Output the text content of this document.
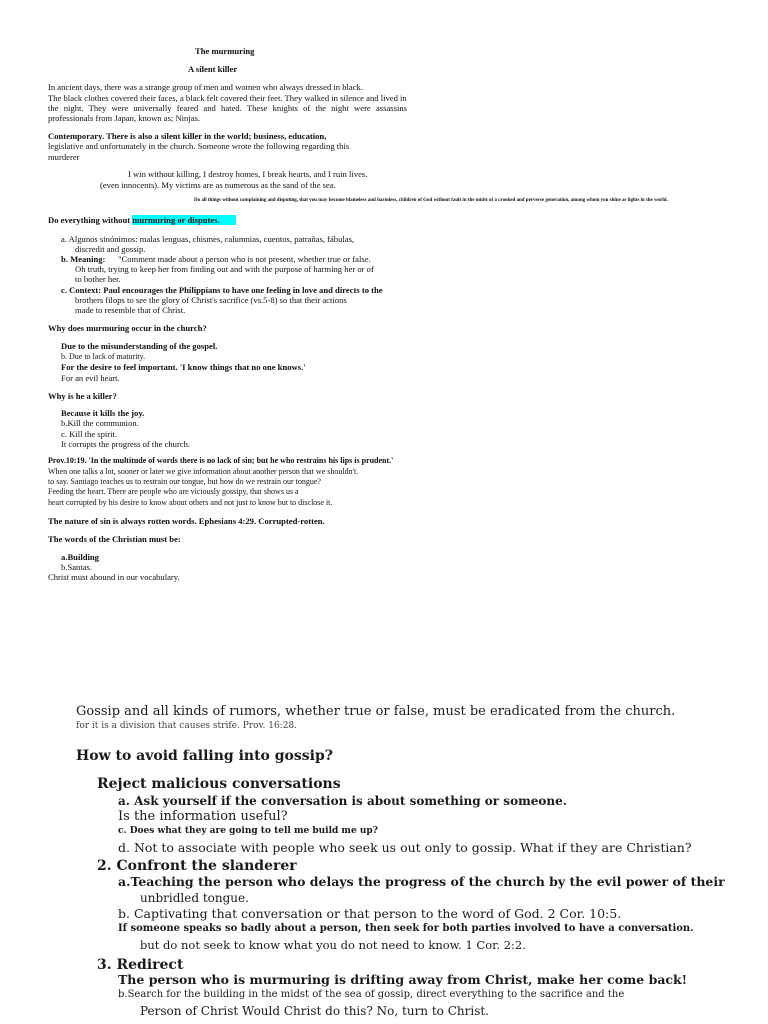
The murmuring
A silent killer
In ancient days, there was a strange group of men and women who always dressed in black.
The black clothes covered their faces, a black felt covered their feet. They walked in silence and lived in
the night. They were universally feared and hated. These knights of the night were assassins
professionals from Japan, known as; Ninjas.
Contemporary. There is also a silent killer in the world; business, education,
legislative and unfortunately in the church. Someone wrote the following regarding this
murderer
I win without killing, I destroy homes, I break hearts, and I ruin lives.
(even innocents). My victims are as numerous as the sand of the sea.
Do all things without complaining and disputing, that you may become blameless and harmless, children of God without fault in the midst of a crooked and perverse generation, among whom you shine as lights in the world.
Do everything without murmuring or disputes.
a. Algunos sinónimos: malas lenguas, chismes, calumnias, cuentos, patrañas, fábulas,
discredit and gossip.
b. Meaning: "Comment made about a person who is not present, whether true or false.
Oh truth, trying to keep her from finding out and with the purpose of harming her or of
to bother her.
c. Context: Paul encourages the Philippians to have one feeling in love and directs to the
brothers filops to see the glory of Christ's sacrifice (vs.5-8) so that their actions
made to resemble that of Christ.
Why does murmuring occur in the church?
Due to the misunderstanding of the gospel.
b. Due to lack of maturity.
For the desire to feel important. 'I know things that no one knows.'
For an evil heart.
Why is he a killer?
Because it kills the joy.
b.Kill the communion.
c. Kill the spirit.
It corrupts the progress of the church.
Prov.10:19. 'In the multitude of words there is no lack of sin; but he who restrains his lips is prudent.'
When one talks a lot, sooner or later we give information about another person that we shouldn't.
to say. Santiago teaches us to restrain our tongue, but how do we restrain our tongue?
Feeding the heart. There are people who are viciously gossipy, that shows us a
heart corrupted by his desire to know about others and not just to know but to disclose it.
The nature of sin is always rotten words. Ephesians 4:29. Corrupted-rotten.
The words of the Christian must be:
a.Building
b.Santas.
Christ must abound in our vocabulary.
Gossip and all kinds of rumors, whether true or false, must be eradicated from the church.
for it is a division that causes strife. Prov. 16:28.
How to avoid falling into gossip?
Reject malicious conversations
a. Ask yourself if the conversation is about something or someone.
Is the information useful?
c. Does what they are going to tell me build me up?
d. Not to associate with people who seek us out only to gossip. What if they are Christian?
2. Confront the slanderer
a.Teaching the person who delays the progress of the church by the evil power of their
unbridled tongue.
b. Captivating that conversation or that person to the word of God. 2 Cor. 10:5.
If someone speaks so badly about a person, then seek for both parties involved to have a conversation.
but do not seek to know what you do not need to know. 1 Cor. 2:2.
3. Redirect
The person who is murmuring is drifting away from Christ, make her come back!
b.Search for the building in the midst of the sea of gossip, direct everything to the sacrifice and the
Person of Christ Would Christ do this? No, turn to Christ.
